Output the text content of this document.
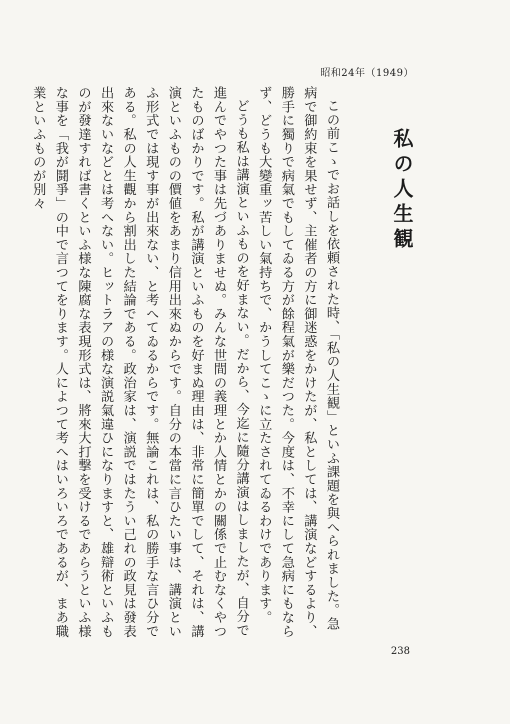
昭和24年（1949）
私の人生観

この前こゝでお話しを依頼された時、「私の人生観」といふ課題を與へられました。急病で御約束を果せず、主催者の方に御迷惑をかけたが、私としては、講演などするより、勝手に獨りで病氣でもしてゐる方が餘程氣が樂だつた。今度は、不幸にして急病にもならず、どうも大變重ッ苦しい氣持ちで、かうしてこゝに立たされてゐるわけであります。

どうも私は講演といふものを好まない。だから、今迄に隨分講演はしましたが、自分で進んでやつた事は先づありませぬ。みんな世間の義理とか人情とかの關係で止むなくやつたものばかりです。私が講演といふものを好まぬ理由は、非常に簡單でして、それは、講演といふものの價値をあまり信用出來ぬからです。自分の本當に言ひたい事は、講演といふ形式では現す事が出來ない、と考へてゐるからです。無論これは、私の勝手な言ひ分である。私の人生觀から割出した結論である。政治家は、演説ではたうい己れの政見は發表出來ないなどとは考へない。ヒットラアの様な演説氣違ひになりますと、雄辯術といふものが發達すれば書くといふ様な陳腐な表現形式は、將來大打撃を受けるであらうといふ様な事を「我が鬪爭」の中で言つてをります。人によつて考へはいろいろであるが、まあ職業といふものが別々

238
